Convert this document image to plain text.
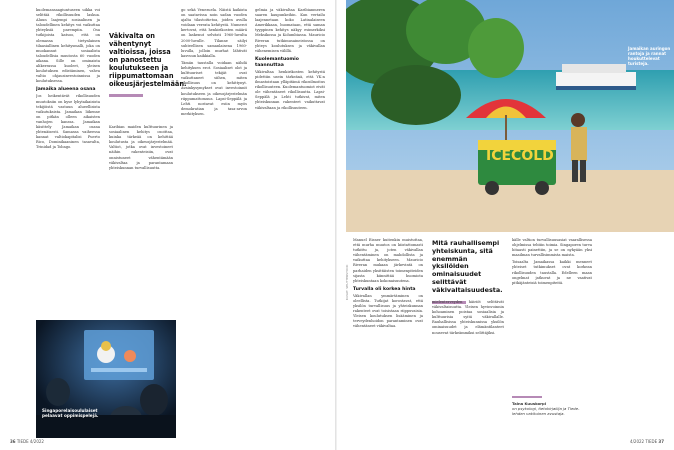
kuolemansaagiuntuseen uikka voi selittää rikollisuuden laskua. Aluun laajempi sosiaalinen ja taloudellinen kehitys voi vaikuttaa yhteyksiä parempiin. Osa tutkijoista katsoo, että on olemassa tietynlainen tilaasiallinen kehitysmalli, joka on muokannut sosiaalista taloudellisia muutosta 60 vuoden aikana. Sille on ominaista alikerrassa kuoleet, yleisen koulutuksen edistäminen, vahva valtio ohjausinvestoinnissa ja koulutuksessa.

Jamaika alueena osana

Jos heikentävät rikollisuuden muutoksiin on kyse lyhytaikaisista tekijöistä vastuun alueellisista vaikutuksista. Jamaikan liikenne on pitkän olleen aikaisten vanhojen kanssa. Jamaikan käsittely Jamaikan osana yhtenäisesti. Samassa vaiheessa kannat valtiokapitalisi Puerto Rico, Dominikaaninen tasavalta, Trinidad ja Tobago.

Väkivalta on vähentynyt valtioissa, joissa on panostettu koulutukseen ja riippumattomaan oikeusjärjestelmään.

Karibian maiden kulttuurinen ja sosiaalinen kehitys osoittaa, kuinka tärkeää on kehittää koulutusta ja oikeusjärjestelmää. Valtiot, jotka ovat investoineet näihin rakenteisiin, ovat onnistuneet vähentämään väkivaltaa ja parantamaan yhteiskunnan turvallisuutta.

go sekä Venezuela. Näistä kaikista on saatavissa noin sadan vuoden ajalta tilastoitietoa, joiden avulla voidaan verrata kehitystä. Numerot kertovat, että henkirikosten määrä on laskenut selvästi 1960-luvulta 2000-luvulle. Tilanne säilyi suhteellisen samanlaisena 1960-luvulla, jolloin murhat lähtivät kasvuun kaikkialla.

Tämän taustalla voidaan nähdä kehityksen erot. Sosiaaliset olot ja kulttuuriset tekijät ovat vaikuttaneet siihen, miten rikollisuus on kehittynyt. Avainkysymykset ovat investoinnit koulutukseen ja oikeusjärjestelmän riippumattomuus. Lapsi-Seppälä ja Lehti nostavat esiin myös demokratian ja tasa-arvon merkityksen.

gelmia ja väkivaltaa Karibianmeren saaren kaupunkeihin. Kun vertailu laajennetaan koko Latinalaiseen Amerikkaan, huomataan, että saman tyyppinen kehitys näkyy esimerkiksi Meksikossa ja Kolumbiassa. Mauricio Riveran tutkimusaineistossa on yhteys koulutuksen ja väkivallan vähenemisen välillä.

Kuolemantuomio taannuttaa

Väkivaltaa henkirikosten kehitystä pidettiin usein tärkeänä, että YK:n ilmastoistaan ylläpitämä rikosilmoitus rikollisuuteen. Kuolemantuomiot eivät ole vähentäneet rikollisuutta. Lapsi-Seppälä ja Lehti tutkivat, miten yhteiskunnan rakenteet vaikuttavat väkivaltaan ja rikollisuuteen.

Singaporelaisoululaiset pelaavat oppimispelejä.
36 TIEDE 4/2022
ICECOLD
Jamaikan auringon rantoja ja rannat houkuttelevat turisteja.
KUVAT: SHUTTERSTOCK

Manuel Eisner kuitenkin muistuttaa, että murha muutos on kiistattomasti tutkittu ja, joten väkivallan vähentäminen on mahdollista ja vaikuttaa kehitykseen. Mauricio Riveran mukaan järkevintä on parhaiden yksittäisten toimenpiteiden sijasta kiinnittää huomiota yhteiskuntaan kokonaisuutena.

Turvalla oli korkea hinta

Väkivallan ymmärtäminen on oleellista. Tutkijat korostavat, että yksilön turvallisuus ja yhteiskunnan rakenteet ovat toisistaan riippuvaisia. Yleisen koulutuksen lisääminen ja terveydenhoidon parantaminen ovat vähentäneet väkivaltaa.

Mitä rauhallisempi yhteiskunta, sitä enemmän yksilöiden ominaisuudet selittävät väkivaltaisuudesta.

mielenterveyden häiriöt selittävät väkivaltaisuutta. Yleisen hyvinvoinnin kohoaminen poistaa sosiaalisia ja kulttuurisia syitä väkivallalle. Rauhallisissa yhteiskunnissa yksilön ominaisuudet ja elämäntilanteet nousevat tärkeämmiksi selittäjiksi.

källe valtion turvallisuusasiat vaarallisessa ohjelmissa tehtiin toimia. Singaporen turva hitaasti painettiin, ja se on nykyään yksi maailman turvallisimmista maista.

Toisaalta Jamaikassa kaikki menneet yhteiset tutkimukset ovat korkean rikollisuuden taustalla. Edelleen maan ongelmat jatkuvat ja ne vaativat pitkäjänteisiä toimenpiteitä.

Taina Kuuskorpi
on psykologi, tietokirjailija ja Tiede-lehden vakituinen avustaja.
4/2022 TIEDE 37
